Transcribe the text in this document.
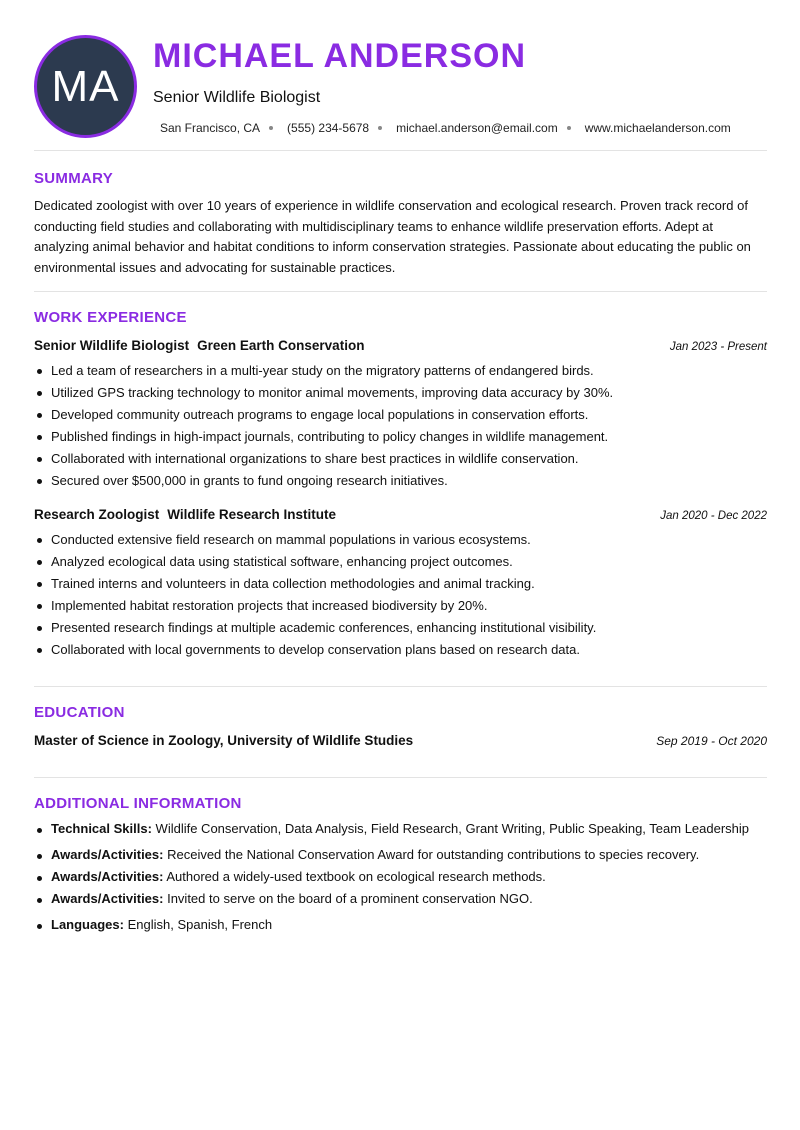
MA
MICHAEL ANDERSON
Senior Wildlife Biologist
San Francisco, CA (555) 234-5678 michael.anderson@email.com www.michaelanderson.com
SUMMARY
Dedicated zoologist with over 10 years of experience in wildlife conservation and ecological research. Proven track record of conducting field studies and collaborating with multidisciplinary teams to enhance wildlife preservation efforts. Adept at analyzing animal behavior and habitat conditions to inform conservation strategies. Passionate about educating the public on environmental issues and advocating for sustainable practices.
WORK EXPERIENCE
Senior Wildlife Biologist Green Earth Conservation	Jan 2023 - Present
Led a team of researchers in a multi-year study on the migratory patterns of endangered birds.
Utilized GPS tracking technology to monitor animal movements, improving data accuracy by 30%.
Developed community outreach programs to engage local populations in conservation efforts.
Published findings in high-impact journals, contributing to policy changes in wildlife management.
Collaborated with international organizations to share best practices in wildlife conservation.
Secured over $500,000 in grants to fund ongoing research initiatives.
Research Zoologist Wildlife Research Institute	Jan 2020 - Dec 2022
Conducted extensive field research on mammal populations in various ecosystems.
Analyzed ecological data using statistical software, enhancing project outcomes.
Trained interns and volunteers in data collection methodologies and animal tracking.
Implemented habitat restoration projects that increased biodiversity by 20%.
Presented research findings at multiple academic conferences, enhancing institutional visibility.
Collaborated with local governments to develop conservation plans based on research data.
EDUCATION
Master of Science in Zoology, University of Wildlife Studies	Sep 2019 - Oct 2020
ADDITIONAL INFORMATION
Technical Skills: Wildlife Conservation, Data Analysis, Field Research, Grant Writing, Public Speaking, Team Leadership
Awards/Activities: Received the National Conservation Award for outstanding contributions to species recovery.
Awards/Activities: Authored a widely-used textbook on ecological research methods.
Awards/Activities: Invited to serve on the board of a prominent conservation NGO.
Languages: English, Spanish, French
